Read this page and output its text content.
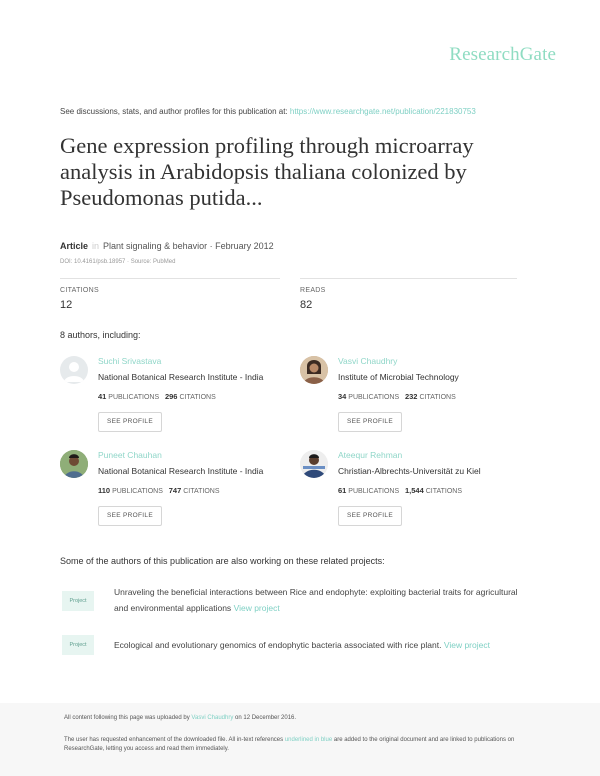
ResearchGate
See discussions, stats, and author profiles for this publication at: https://www.researchgate.net/publication/221830753
Gene expression profiling through microarray analysis in Arabidopsis thaliana colonized by Pseudomonas putida...
Article in Plant signaling & behavior · February 2012
DOI: 10.4161/psb.18957 · Source: PubMed
CITATIONS
12
READS
82
8 authors, including:
Suchi Srivastava
National Botanical Research Institute - India
41 PUBLICATIONS 296 CITATIONS
SEE PROFILE
Vasvi Chaudhry
Institute of Microbial Technology
34 PUBLICATIONS 232 CITATIONS
SEE PROFILE
Puneet Chauhan
National Botanical Research Institute - India
110 PUBLICATIONS 747 CITATIONS
SEE PROFILE
Ateequr Rehman
Christian-Albrechts-Universität zu Kiel
61 PUBLICATIONS 1,544 CITATIONS
SEE PROFILE
Some of the authors of this publication are also working on these related projects:
Project
Unraveling the beneficial interactions between Rice and endophyte: exploiting bacterial traits for agricultural and environmental applications View project
Project	Ecological and evolutionary genomics of endophytic bacteria associated with rice plant. View project
All content following this page was uploaded by Vasvi Chaudhry on 12 December 2016.
The user has requested enhancement of the downloaded file. All in-text references underlined in blue are added to the original document and are linked to publications on ResearchGate, letting you access and read them immediately.
